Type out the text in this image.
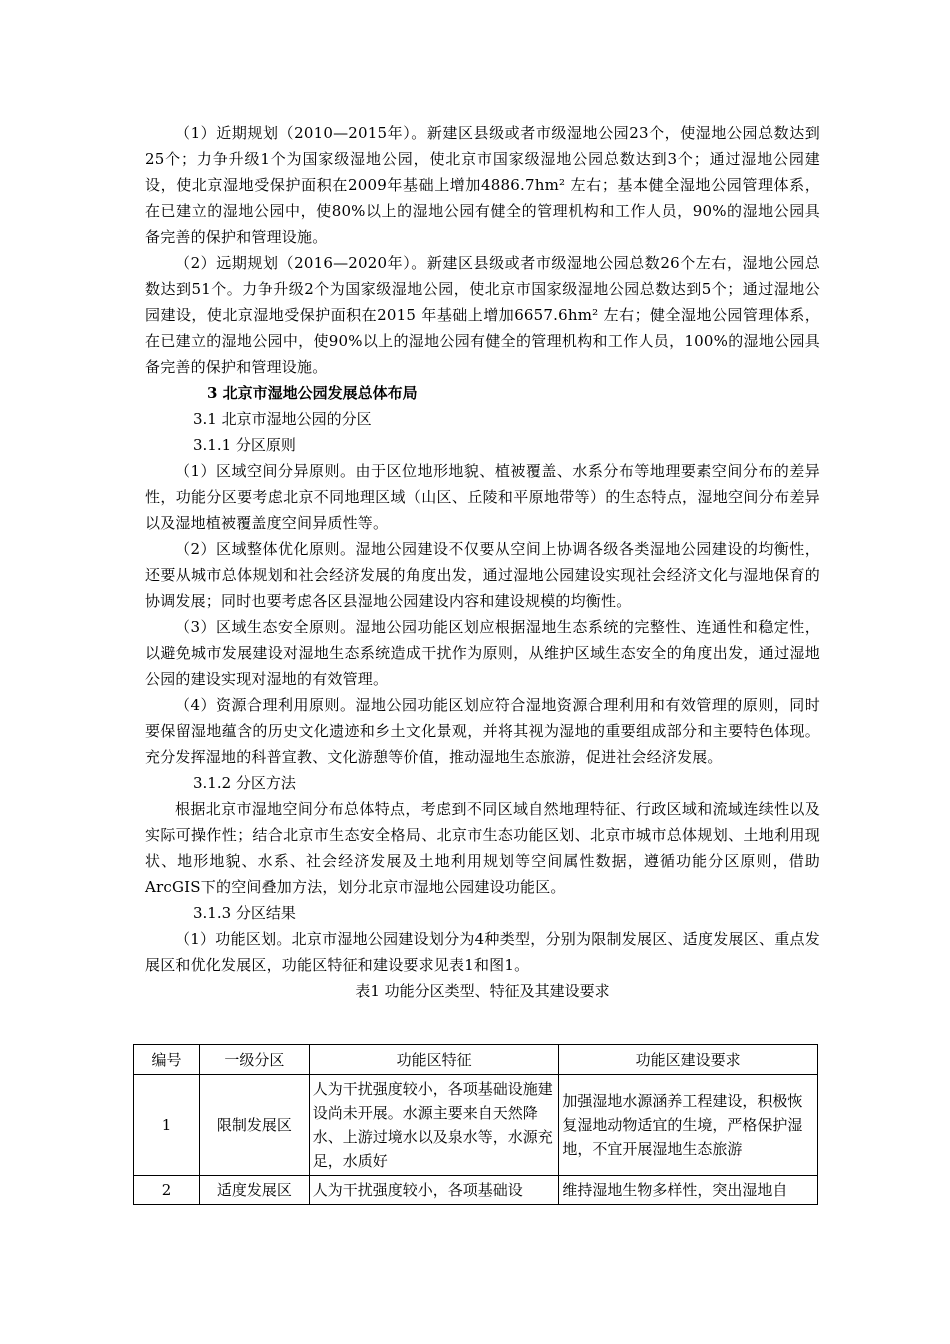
（1）近期规划（2010—2015年）。新建区县级或者市级湿地公园23个，使湿地公园总数达到25个；力争升级1个为国家级湿地公园，使北京市国家级湿地公园总数达到3个；通过湿地公园建设，使北京湿地受保护面积在2009年基础上增加4886.7hm² 左右；基本健全湿地公园管理体系，在已建立的湿地公园中，使80%以上的湿地公园有健全的管理机构和工作人员，90%的湿地公园具备完善的保护和管理设施。

（2）远期规划（2016—2020年）。新建区县级或者市级湿地公园总数26个左右，湿地公园总数达到51个。力争升级2个为国家级湿地公园，使北京市国家级湿地公园总数达到5个；通过湿地公园建设，使北京湿地受保护面积在2015 年基础上增加6657.6hm² 左右；健全湿地公园管理体系，在已建立的湿地公园中，使90%以上的湿地公园有健全的管理机构和工作人员，100%的湿地公园具备完善的保护和管理设施。

3 北京市湿地公园发展总体布局

3.1 北京市湿地公园的分区

3.1.1 分区原则

（1）区域空间分异原则。由于区位地形地貌、植被覆盖、水系分布等地理要素空间分布的差异性，功能分区要考虑北京不同地理区域（山区、丘陵和平原地带等）的生态特点，湿地空间分布差异以及湿地植被覆盖度空间异质性等。

（2）区域整体优化原则。湿地公园建设不仅要从空间上协调各级各类湿地公园建设的均衡性，还要从城市总体规划和社会经济发展的角度出发，通过湿地公园建设实现社会经济文化与湿地保育的协调发展；同时也要考虑各区县湿地公园建设内容和建设规模的均衡性。

（3）区域生态安全原则。湿地公园功能区划应根据湿地生态系统的完整性、连通性和稳定性，以避免城市发展建设对湿地生态系统造成干扰作为原则，从维护区域生态安全的角度出发，通过湿地公园的建设实现对湿地的有效管理。

（4）资源合理利用原则。湿地公园功能区划应符合湿地资源合理利用和有效管理的原则，同时要保留湿地蕴含的历史文化遗迹和乡土文化景观，并将其视为湿地的重要组成部分和主要特色体现。充分发挥湿地的科普宣教、文化游憩等价值，推动湿地生态旅游，促进社会经济发展。

3.1.2 分区方法

根据北京市湿地空间分布总体特点，考虑到不同区域自然地理特征、行政区域和流域连续性以及实际可操作性；结合北京市生态安全格局、北京市生态功能区划、北京市城市总体规划、土地利用现状、地形地貌、水系、社会经济发展及土地利用规划等空间属性数据，遵循功能分区原则，借助ArcGIS下的空间叠加方法，划分北京市湿地公园建设功能区。

3.1.3 分区结果

（1）功能区划。北京市湿地公园建设划分为4种类型，分别为限制发展区、适度发展区、重点发展区和优化发展区，功能区特征和建设要求见表1和图1。

表1 功能分区类型、特征及其建设要求
编号	一级分区	功能区特征	功能区建设要求
1	限制发展区	人为干扰强度较小，各项基础设施建设尚未开展。水源主要来自天然降水、上游过境水以及泉水等，水源充足，水质好	加强湿地水源涵养工程建设，积极恢复湿地动物适宜的生境，严格保护湿地，不宜开展湿地生态旅游
2	适度发展区	人为干扰强度较小，各项基础设	维持湿地生物多样性，突出湿地自
